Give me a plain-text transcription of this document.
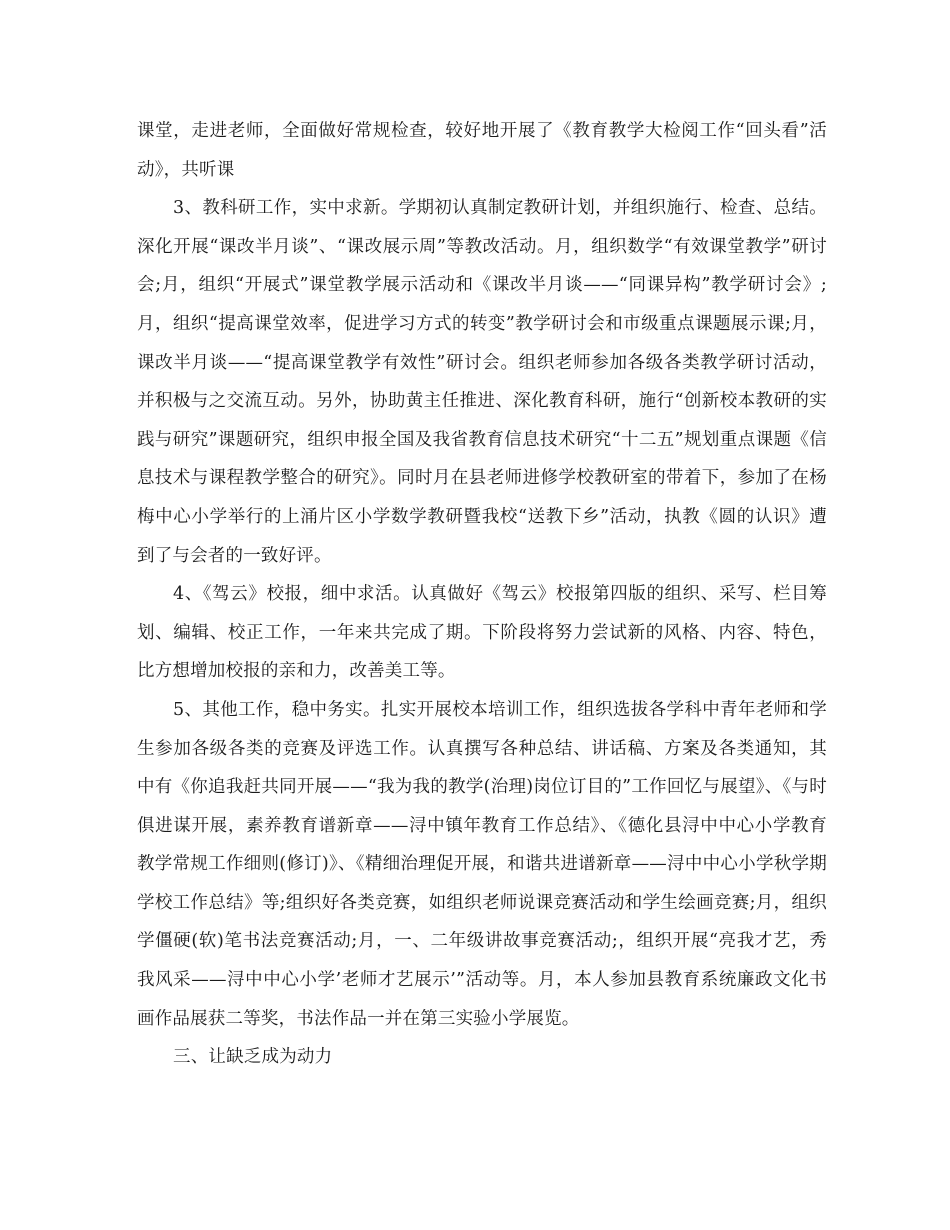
课堂，走进老师，全面做好常规检查，较好地开展了《教育教学大检阅工作“回头看”活动》，共听课

3、教科研工作，实中求新。学期初认真制定教研计划，并组织施行、检查、总结。深化开展“课改半月谈”、“课改展示周”等教改活动。月，组织数学“有效课堂教学”研讨会;月，组织“开展式”课堂教学展示活动和《课改半月谈——“同课异构”教学研讨会》;月，组织“提高课堂效率，促进学习方式的转变”教学研讨会和市级重点课题展示课;月，课改半月谈——“提高课堂教学有效性”研讨会。组织老师参加各级各类教学研讨活动，并积极与之交流互动。另外，协助黄主任推进、深化教育科研，施行“创新校本教研的实践与研究”课题研究，组织申报全国及我省教育信息技术研究“十二五”规划重点课题《信息技术与课程教学整合的研究》。同时月在县老师进修学校教研室的带着下，参加了在杨梅中心小学举行的上涌片区小学数学教研暨我校“送教下乡”活动，执教《圆的认识》遭到了与会者的一致好评。

4、《驾云》校报，细中求活。认真做好《驾云》校报第四版的组织、采写、栏目筹划、编辑、校正工作，一年来共完成了期。下阶段将努力尝试新的风格、内容、特色，比方想增加校报的亲和力，改善美工等。

5、其他工作，稳中务实。扎实开展校本培训工作，组织选拔各学科中青年老师和学生参加各级各类的竞赛及评选工作。认真撰写各种总结、讲话稿、方案及各类通知，其中有《你追我赶共同开展——“我为我的教学(治理)岗位订目的”工作回忆与展望》、《与时俱进谋开展，素养教育谱新章——浔中镇年教育工作总结》、《德化县浔中中心小学教育教学常规工作细则(修订)》、《精细治理促开展，和谐共进谱新章——浔中中心小学秋学期学校工作总结》等;组织好各类竞赛，如组织老师说课竞赛活动和学生绘画竞赛;月，组织学僵硬(软)笔书法竞赛活动;月，一、二年级讲故事竞赛活动;，组织开展“亮我才艺，秀我风采——浔中中心小学’老师才艺展示’”活动等。月，本人参加县教育系统廉政文化书画作品展获二等奖，书法作品一并在第三实验小学展览。

三、让缺乏成为动力
